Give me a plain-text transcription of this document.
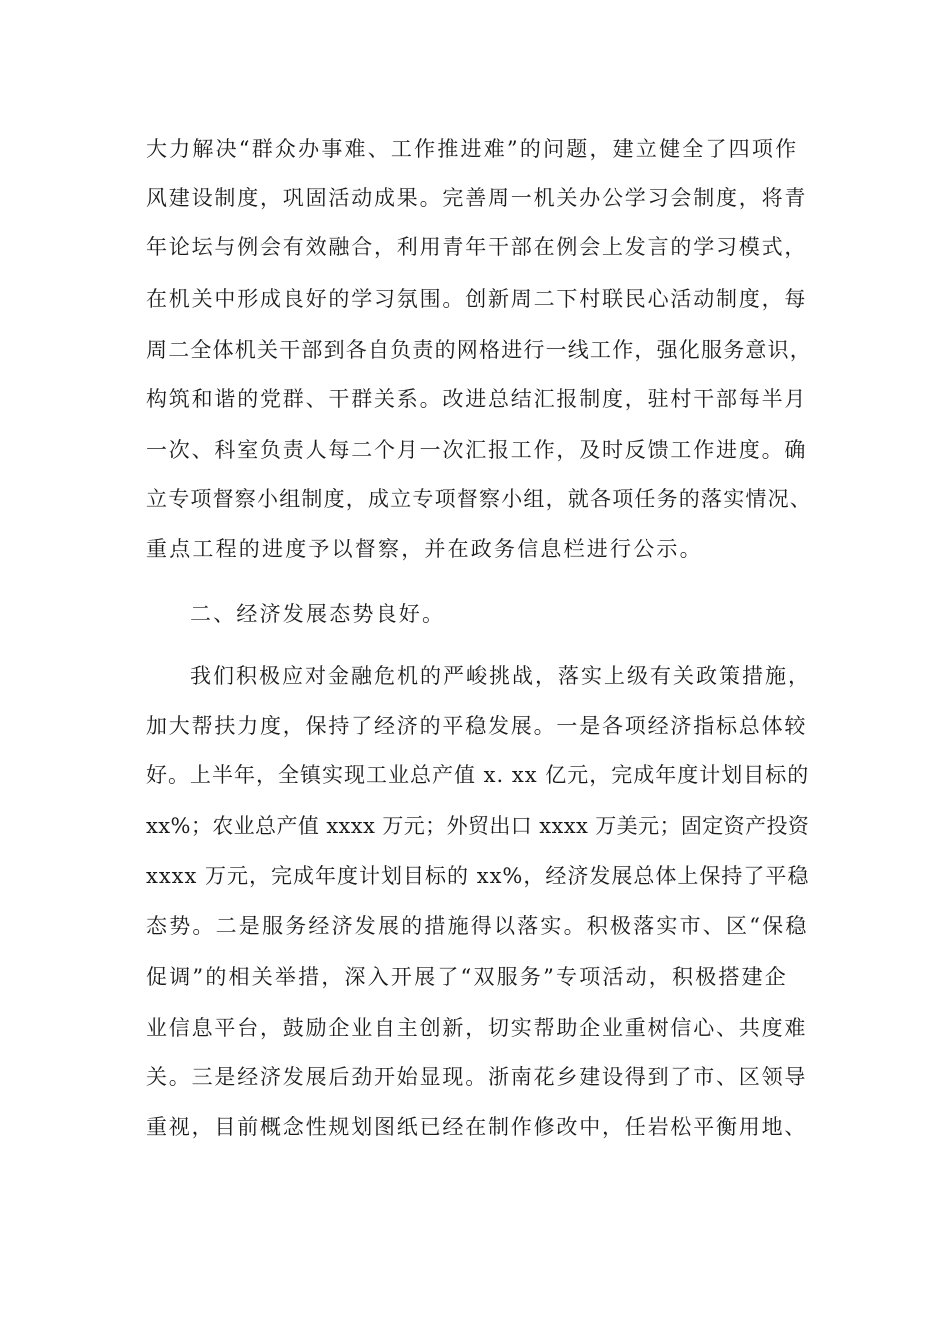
大力解决“群众办事难、工作推进难”的问题，建立健全了四项作

风建设制度，巩固活动成果。完善周一机关办公学习会制度，将青

年论坛与例会有效融合，利用青年干部在例会上发言的学习模式，

在机关中形成良好的学习氛围。创新周二下村联民心活动制度，每

周二全体机关干部到各自负责的网格进行一线工作，强化服务意识，

构筑和谐的党群、干群关系。改进总结汇报制度，驻村干部每半月

一次、科室负责人每二个月一次汇报工作，及时反馈工作进度。确

立专项督察小组制度，成立专项督察小组，就各项任务的落实情况、

重点工程的进度予以督察，并在政务信息栏进行公示。

二、经济发展态势良好。

我们积极应对金融危机的严峻挑战，落实上级有关政策措施，

加大帮扶力度，保持了经济的平稳发展。一是各项经济指标总体较

好。上半年，全镇实现工业总产值 x. xx 亿元，完成年度计划目标的

xx%；农业总产值 xxxx 万元；外贸出口 xxxx 万美元；固定资产投资

xxxx 万元，完成年度计划目标的 xx%，经济发展总体上保持了平稳

态势。二是服务经济发展的措施得以落实。积极落实市、区“保稳

促调”的相关举措，深入开展了“双服务”专项活动，积极搭建企

业信息平台，鼓励企业自主创新，切实帮助企业重树信心、共度难

关。三是经济发展后劲开始显现。浙南花乡建设得到了市、区领导

重视，目前概念性规划图纸已经在制作修改中，任岩松平衡用地、
